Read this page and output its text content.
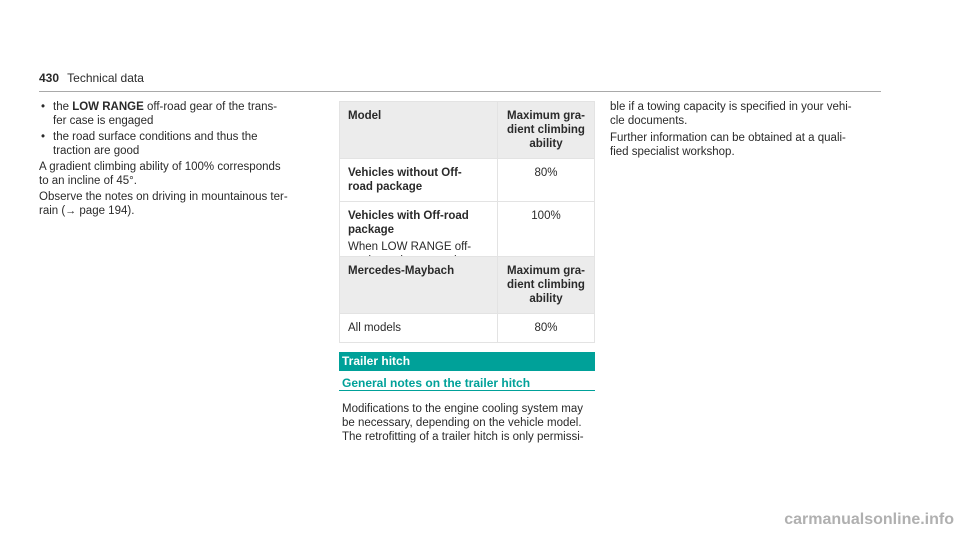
430 Technical data
• the LOW RANGE off-road gear of the trans-
fer case is engaged
• the road surface conditions and thus the
traction are good

A gradient climbing ability of 100% corresponds
to an incline of 45°.

Observe the notes on driving in mountainous ter-
rain (→ page 194).

Model	Maximum gra-
dient climbing
ability
Vehicles without Off-
road package	80%

Vehicles with Off-road
package
When LOW RANGE off-	100%
Mercedes-Maybach	Maximum gra-
dient climbing
ability
All models	80%
Trailer hitch
General notes on the trailer hitch
Modifications to the engine cooling system may
be necessary, depending on the vehicle model.
The retrofitting of a trailer hitch is only permissi-

ble if a towing capacity is specified in your vehi-
cle documents.

Further information can be obtained at a quali-
fied specialist workshop.

carmanualsonline.info
